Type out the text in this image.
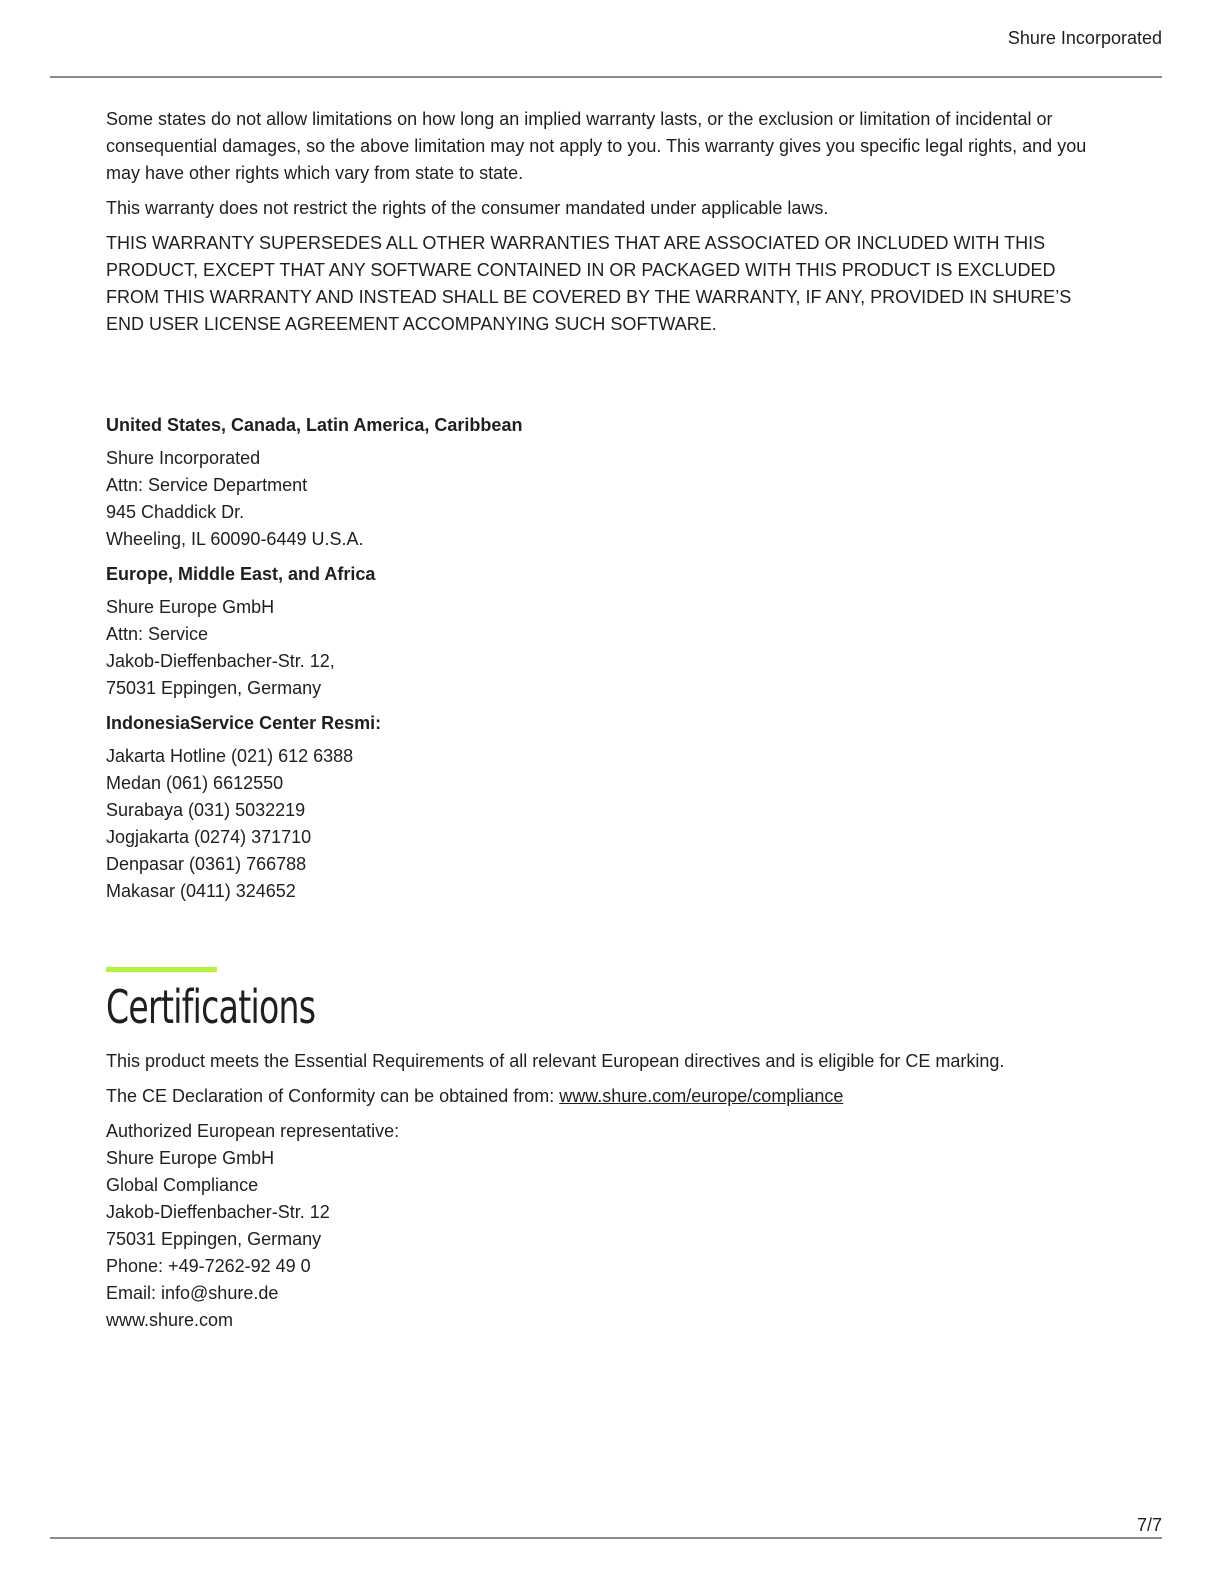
Shure Incorporated

Some states do not allow limitations on how long an implied warranty lasts, or the exclusion or limitation of incidental or consequential damages, so the above limitation may not apply to you. This warranty gives you specific legal rights, and you may have other rights which vary from state to state.

This warranty does not restrict the rights of the consumer mandated under applicable laws.

THIS WARRANTY SUPERSEDES ALL OTHER WARRANTIES THAT ARE ASSOCIATED OR INCLUDED WITH THIS PRODUCT, EXCEPT THAT ANY SOFTWARE CONTAINED IN OR PACKAGED WITH THIS PRODUCT IS EXCLUDED FROM THIS WARRANTY AND INSTEAD SHALL BE COVERED BY THE WARRANTY, IF ANY, PROVIDED IN SHURE’S END USER LICENSE AGREEMENT ACCOMPANYING SUCH SOFTWARE.

United States, Canada, Latin America, Caribbean
Shure Incorporated
Attn: Service Department
945 Chaddick Dr.
Wheeling, IL 60090-6449 U.S.A.
Europe, Middle East, and Africa
Shure Europe GmbH
Attn: Service
Jakob-Dieffenbacher-Str. 12,
75031 Eppingen, Germany
IndonesiaService Center Resmi:
Jakarta Hotline (021) 612 6388
Medan (061) 6612550
Surabaya (031) 5032219
Jogjakarta (0274) 371710
Denpasar (0361) 766788
Makasar (0411) 324652
Certifications

This product meets the Essential Requirements of all relevant European directives and is eligible for CE marking.

The CE Declaration of Conformity can be obtained from: www.shure.com/europe/compliance

Authorized European representative:
Shure Europe GmbH
Global Compliance
Jakob-Dieffenbacher-Str. 12
75031 Eppingen, Germany
Phone: +49-7262-92 49 0
Email: info@shure.de
www.shure.com
7/7
